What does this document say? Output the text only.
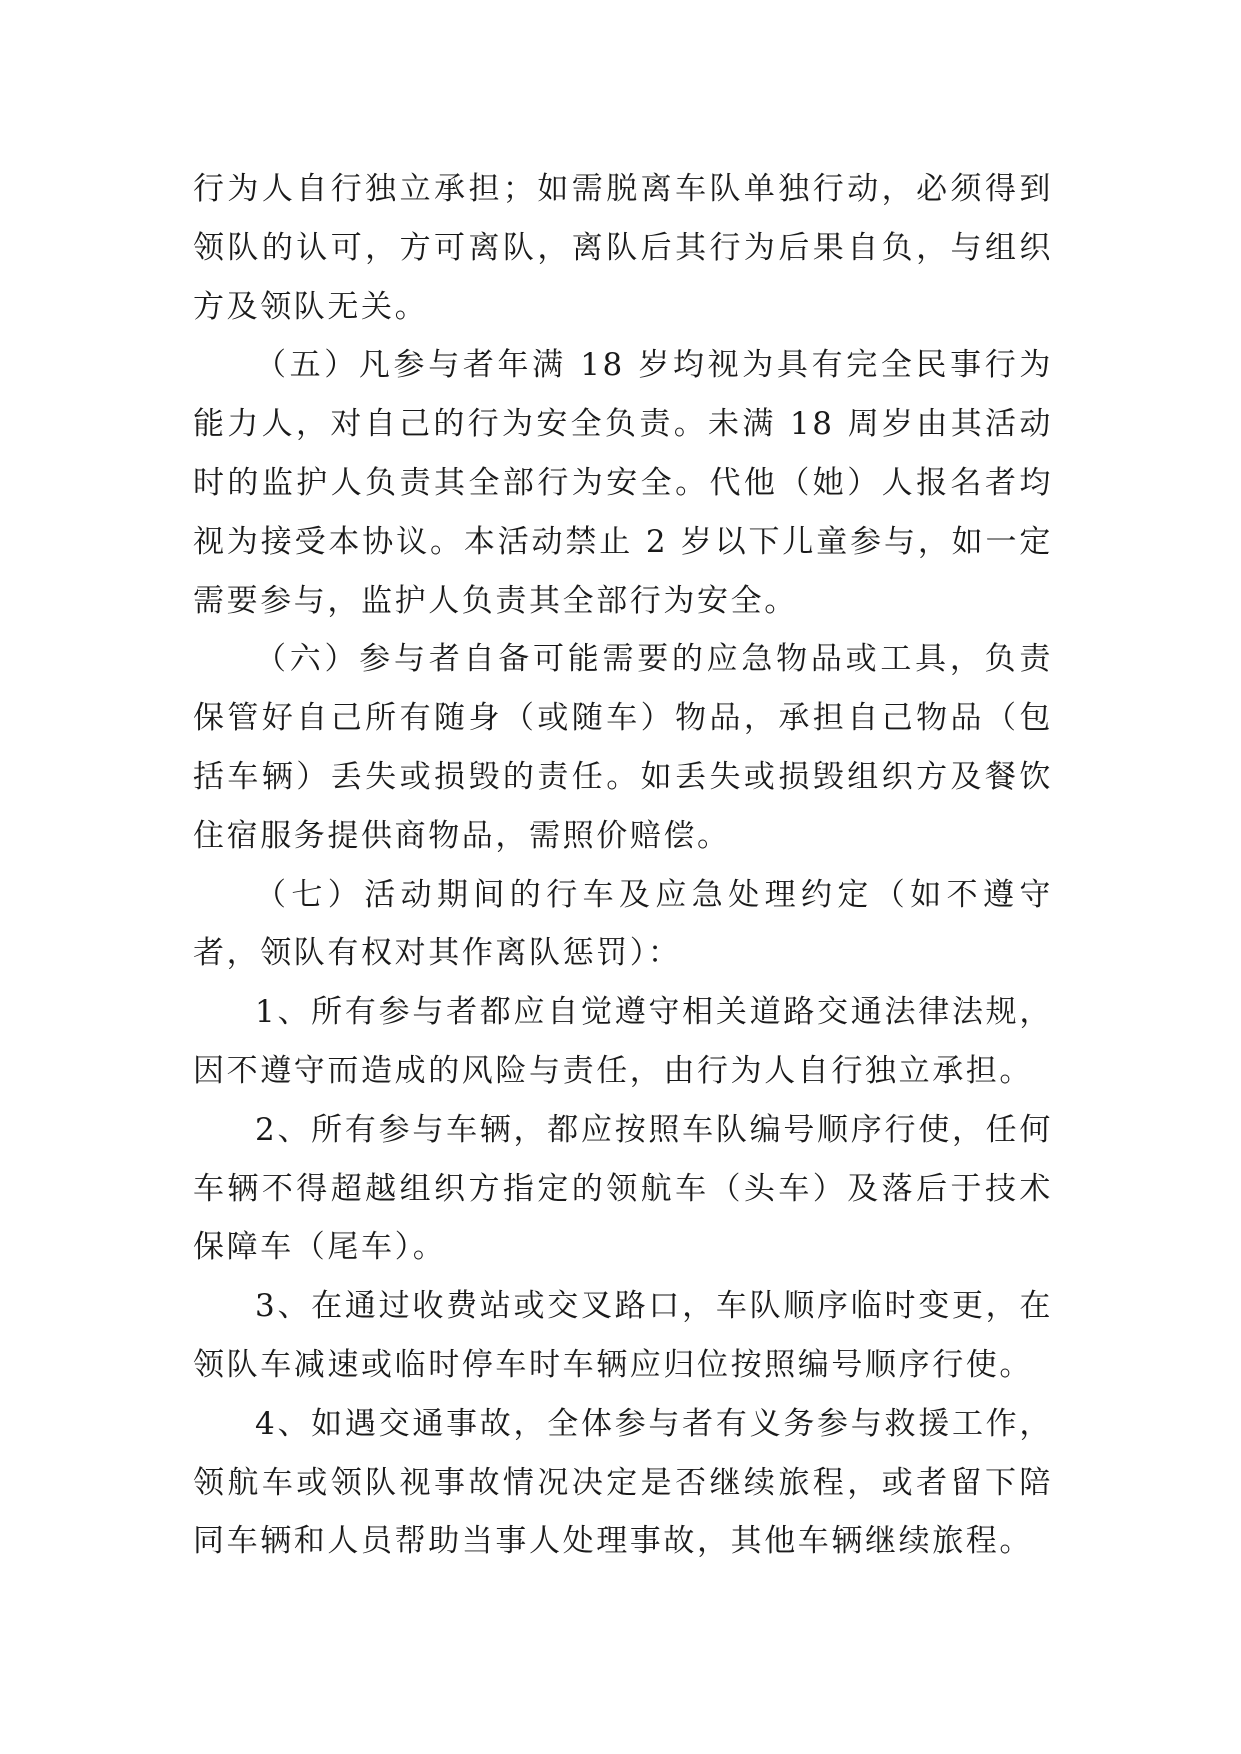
行为人自行独立承担；如需脱离车队单独行动，必须得到领队的认可，方可离队，离队后其行为后果自负，与组织方及领队无关。

（五）凡参与者年满 18 岁均视为具有完全民事行为能力人，对自己的行为安全负责。未满 18 周岁由其活动时的监护人负责其全部行为安全。代他（她）人报名者均视为接受本协议。本活动禁止 2 岁以下儿童参与，如一定需要参与，监护人负责其全部行为安全。

（六）参与者自备可能需要的应急物品或工具，负责保管好自己所有随身（或随车）物品，承担自己物品（包括车辆）丢失或损毁的责任。如丢失或损毁组织方及餐饮住宿服务提供商物品，需照价赔偿。

（七）活动期间的行车及应急处理约定（如不遵守者，领队有权对其作离队惩罚）：

1、所有参与者都应自觉遵守相关道路交通法律法规，因不遵守而造成的风险与责任，由行为人自行独立承担。

2、所有参与车辆，都应按照车队编号顺序行使，任何车辆不得超越组织方指定的领航车（头车）及落后于技术保障车（尾车）。

3、在通过收费站或交叉路口，车队顺序临时变更，在领队车减速或临时停车时车辆应归位按照编号顺序行使。

4、如遇交通事故，全体参与者有义务参与救援工作，领航车或领队视事故情况决定是否继续旅程，或者留下陪同车辆和人员帮助当事人处理事故，其他车辆继续旅程。
